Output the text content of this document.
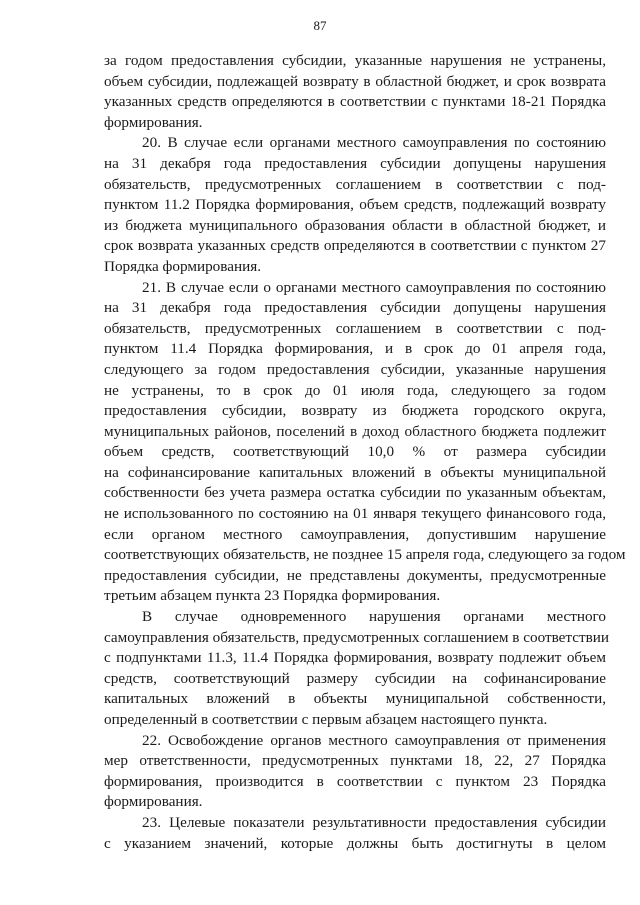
87
за годом предоставления субсидии, указанные нарушения не устранены,
объем субсидии, подлежащей возврату в областной бюджет, и срок возврата
указанных средств определяются в соответствии с пунктами 18-21 Порядка
формирования.
20. В случае если органами местного самоуправления по состоянию
на 31 декабря года предоставления субсидии допущены нарушения
обязательств, предусмотренных соглашением в соответствии с под-
пунктом 11.2 Порядка формирования, объем средств, подлежащий возврату
из бюджета муниципального образования области в областной бюджет, и
срок возврата указанных средств определяются в соответствии с пунктом 27
Порядка формирования.
21. В случае если о органами местного самоуправления по состоянию
на 31 декабря года предоставления субсидии допущены нарушения
обязательств, предусмотренных соглашением в соответствии с под-
пунктом 11.4 Порядка формирования, и в срок до 01 апреля года,
следующего за годом предоставления субсидии, указанные нарушения
не устранены, то в срок до 01 июля года, следующего за годом
предоставления субсидии, возврату из бюджета городского округа,
муниципальных районов, поселений в доход областного бюджета подлежит
объем средств, соответствующий 10,0 % от размера субсидии
на софинансирование капитальных вложений в объекты муниципальной
собственности без учета размера остатка субсидии по указанным объектам,
не использованного по состоянию на 01 января текущего финансового года,
если органом местного самоуправления, допустившим нарушение
соответствующих обязательств, не позднее 15 апреля года, следующего за годом
предоставления субсидии, не представлены документы, предусмотренные
третьим абзацем пункта 23 Порядка формирования.
В случае одновременного нарушения органами местного
самоуправления обязательств, предусмотренных соглашением в соответствии
с подпунктами 11.3, 11.4 Порядка формирования, возврату подлежит объем
средств, соответствующий размеру субсидии на софинансирование
капитальных вложений в объекты муниципальной собственности,
определенный в соответствии с первым абзацем настоящего пункта.
22. Освобождение органов местного самоуправления от применения
мер ответственности, предусмотренных пунктами 18, 22, 27 Порядка
формирования, производится в соответствии с пунктом 23 Порядка
формирования.
23. Целевые показатели результативности предоставления субсидии
с указанием значений, которые должны быть достигнуты в целом
